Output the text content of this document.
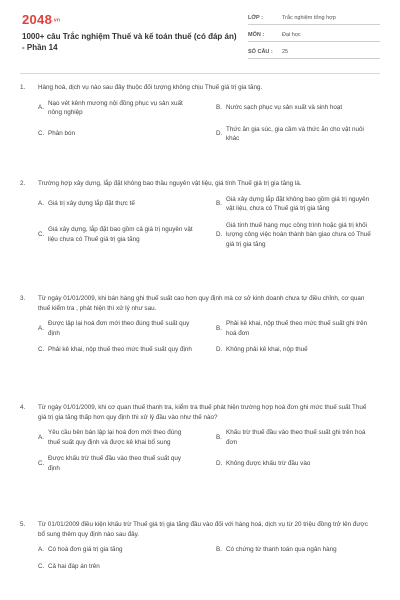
2048.vn
1000+ câu Trắc nghiệm Thuế và kế toán thuế (có đáp án) - Phần 14
LỚP :	Trắc nghiệm tổng hợp
MÔN :	Đại học
SỐ CÂU :	25
1.	Hàng hoá, dịch vụ nào sau đây thuộc đối tượng không chịu Thuế giá trị gia tăng.
A.
Nạo vét kênh mương nội đồng phục vụ sản xuất nông nghiệp
B. Nước sạch phục vụ sản xuất và sinh hoạt
C. Phân bón	D.
Thức ăn gia súc, gia cầm và thức ăn cho vật nuôi khác
2.	Trường hợp xây dựng, lắp đặt không bao thầu nguyên vật liệu, giá tính Thuế giá trị gia tăng là.
A. Giá trị xây dựng lắp đặt thực tế	B.
Giá xây dựng lắp đặt không bao gồm giá trị nguyên vật liệu, chưa có Thuế giá trị gia tăng
C.
Giá xây dựng, lắp đặt bao gồm cả giá trị nguyên vật liệu chưa có Thuế giá trị gia tăng
D.
Giá tính thuế hạng mục công trình hoặc giá trị khối lượng công việc hoàn thành bàn giao chưa có Thuế giá trị gia tăng
3.	Từ ngày 01/01/2009, khi bán hàng ghi thuế suất cao hơn quy định mà cơ sở kinh doanh chưa tự điều chỉnh, cơ quan thuế kiểm tra , phát hiện thì xử lý như sau.
A.
Được lập lại hoá đơn mới theo đúng thuế suất quy định
B.
Phải kê khai, nộp thuế theo mức thuế suất ghi trên hoá đơn
C. Phải kê khai, nộp thuế theo mức thuế suất quy định	D. Không phải kê khai, nộp thuế
4.	Từ ngày 01/01/2009, khi cơ quan thuế thanh tra, kiểm tra thuế phát hiện trường hợp hoá đơn ghi mức thuế suất Thuế giá trị gia tăng thấp hơn quy định thì xử lý đầu vào như thế nào?
A.
Yêu cầu bên bán lập lại hoá đơn mới theo đúng thuế suất quy định và được kê khai bổ sung
B.
Khấu trừ thuế đầu vào theo thuế suất ghi trên hoá đơn
C.
Được khấu trừ thuế đầu vào theo thuế suất quy định
D. Không được khấu trừ đầu vào
5.	Từ 01/01/2009 điều kiện khấu trừ Thuế giá trị gia tăng đầu vào đối với hàng hoá, dịch vụ từ 20 triệu đồng trở lên được bổ sung thêm quy định nào sau đây.
A. Có hoá đơn giá trị gia tăng	B. Có chứng từ thanh toán qua ngân hàng
C. Cả hai đáp án trên
